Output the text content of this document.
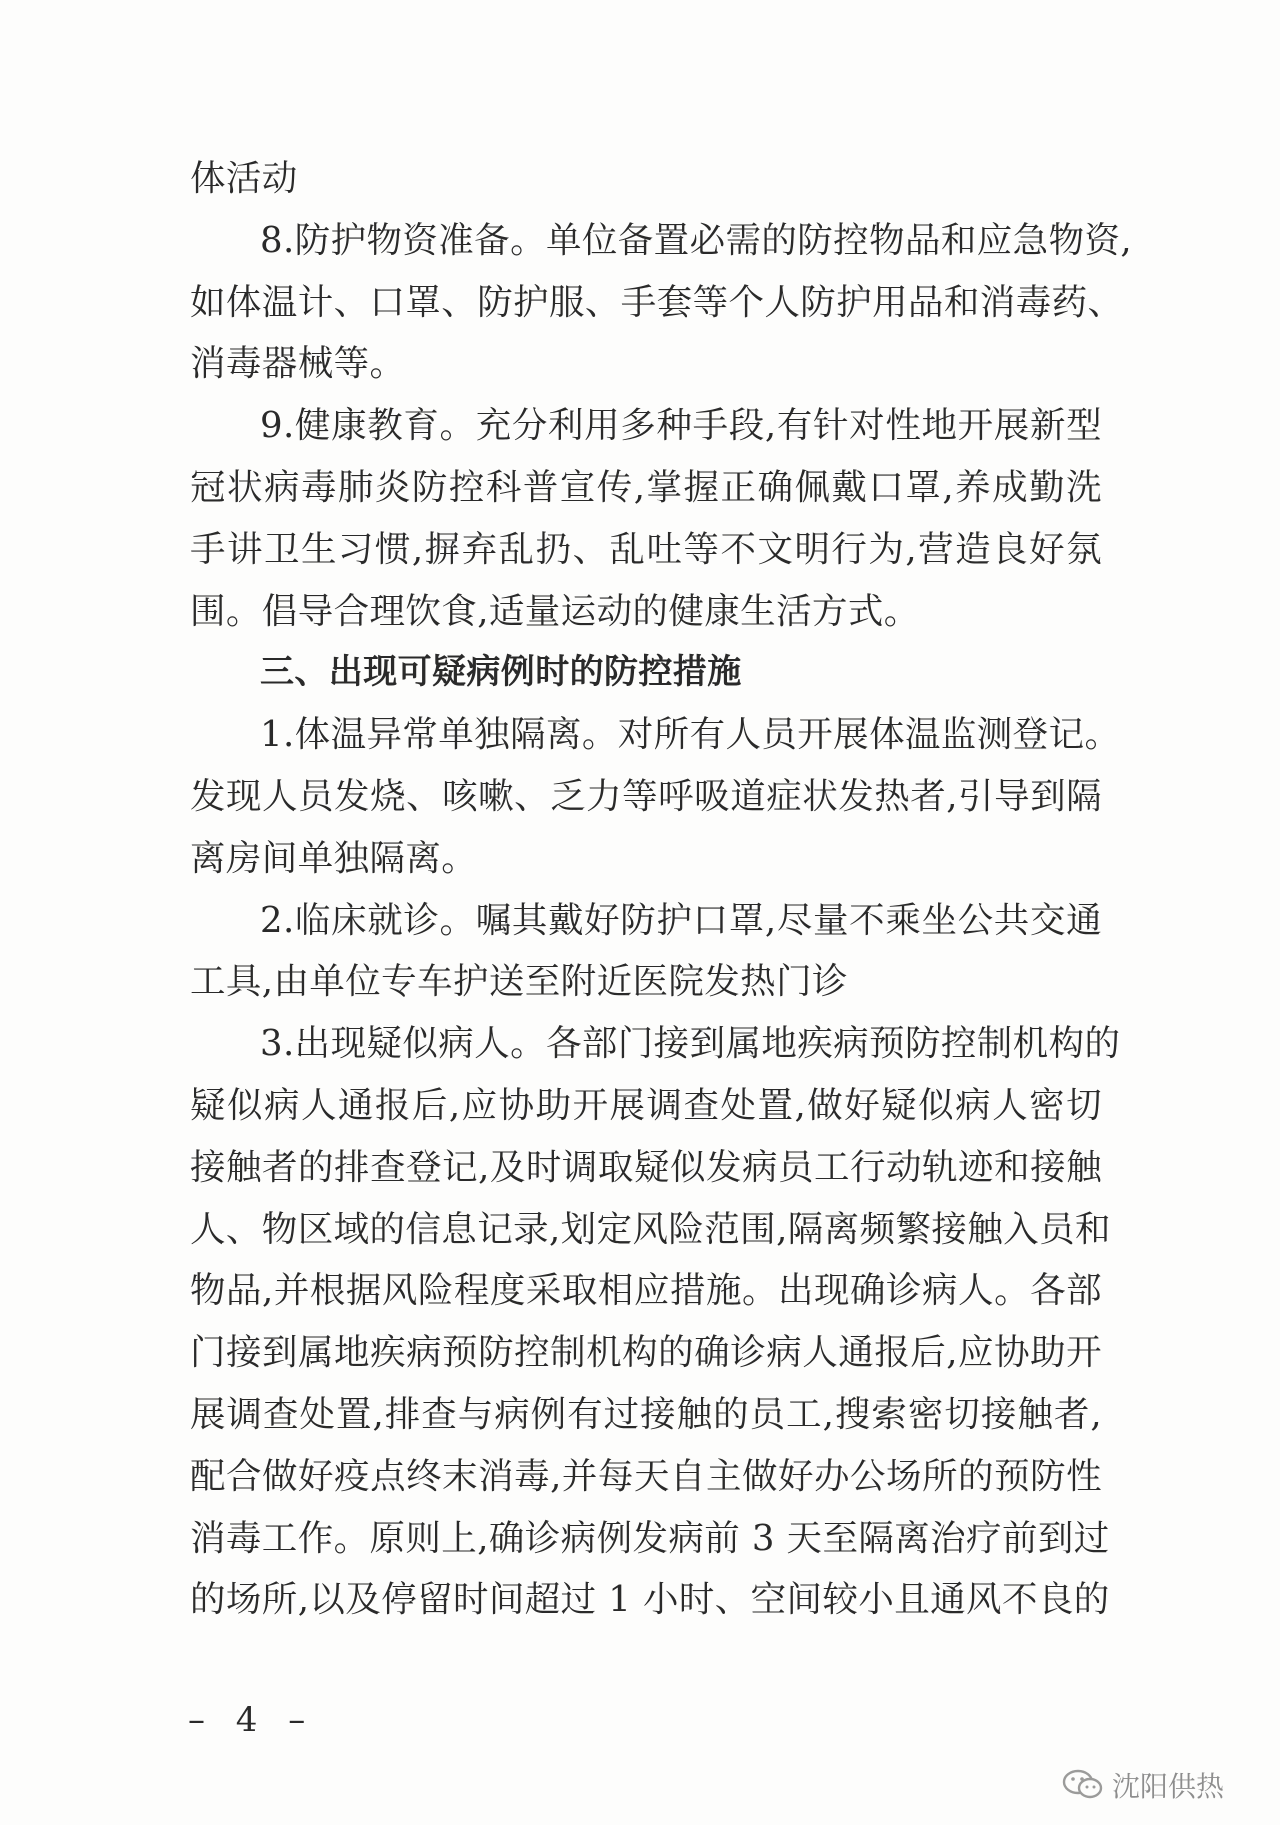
体活动
8.防护物资准备。单位备置必需的防控物品和应急物资,
如体温计、口罩、防护服、手套等个人防护用品和消毒药、
消毒器械等。
9.健康教育。充分利用多种手段,有针对性地开展新型
冠状病毒肺炎防控科普宣传,掌握正确佩戴口罩,养成勤洗
手讲卫生习惯,摒弃乱扔、乱吐等不文明行为,营造良好氛
围。倡导合理饮食,适量运动的健康生活方式。
三、出现可疑病例时的防控措施
1.体温异常单独隔离。对所有人员开展体温监测登记。
发现人员发烧、咳嗽、乏力等呼吸道症状发热者,引导到隔
离房间单独隔离。
2.临床就诊。嘱其戴好防护口罩,尽量不乘坐公共交通
工具,由单位专车护送至附近医院发热门诊
3.出现疑似病人。各部门接到属地疾病预防控制机构的
疑似病人通报后,应协助开展调查处置,做好疑似病人密切
接触者的排查登记,及时调取疑似发病员工行动轨迹和接触
人、物区域的信息记录,划定风险范围,隔离频繁接触入员和
物品,并根据风险程度采取相应措施。出现确诊病人。各部
门接到属地疾病预防控制机构的确诊病人通报后,应协助开
展调查处置,排查与病例有过接触的员工,搜索密切接触者,
配合做好疫点终末消毒,并每天自主做好办公场所的预防性
消毒工作。原则上,确诊病例发病前 3 天至隔离治疗前到过
的场所,以及停留时间超过 1 小时、空间较小且通风不良的
– 4 –
沈阳供热
